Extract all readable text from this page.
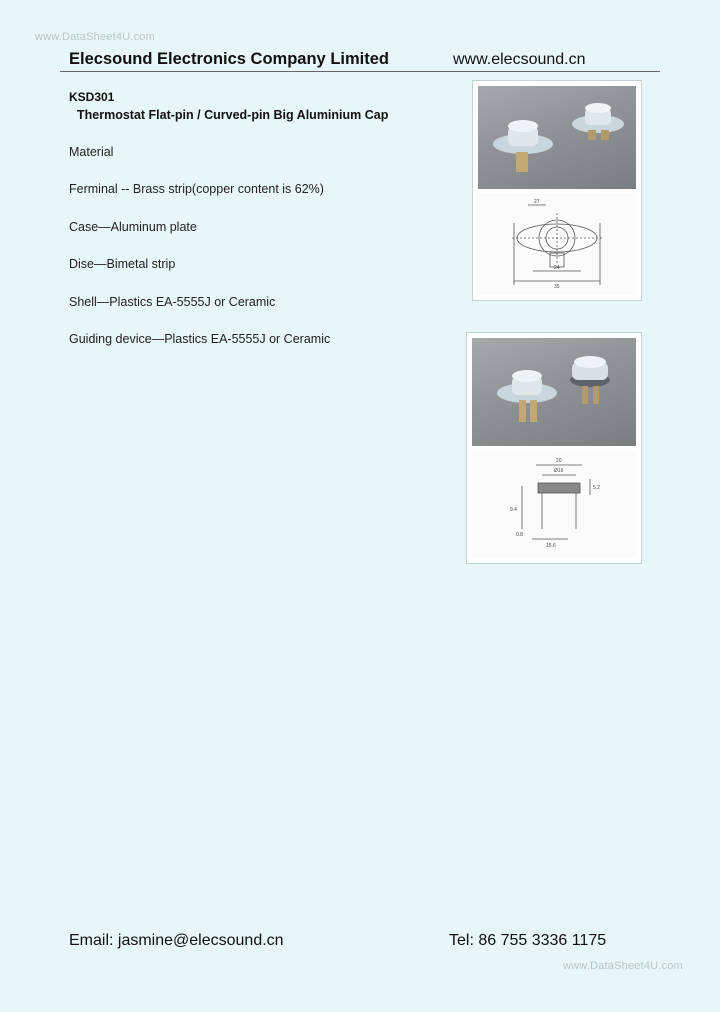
www.DataSheet4U.com
Elecsound Electronics Company Limited	www.elecsound.cn
KSD301
Thermostat Flat-pin / Curved-pin Big Aluminium Cap
Material
Ferminal -- Brass strip(copper content is 62%)
Case—Aluminum plate
Dise—Bimetal strip
Shell—Plastics EA-5555J or Ceramic
Guiding device—Plastics EA-5555J or Ceramic
27
24
35
20
Ø16
5.2
9.4
0.8
15.6
Email: jasmine@elecsound.cn	Tel: 86 755 3336 1175
www.DataSheet4U.com
